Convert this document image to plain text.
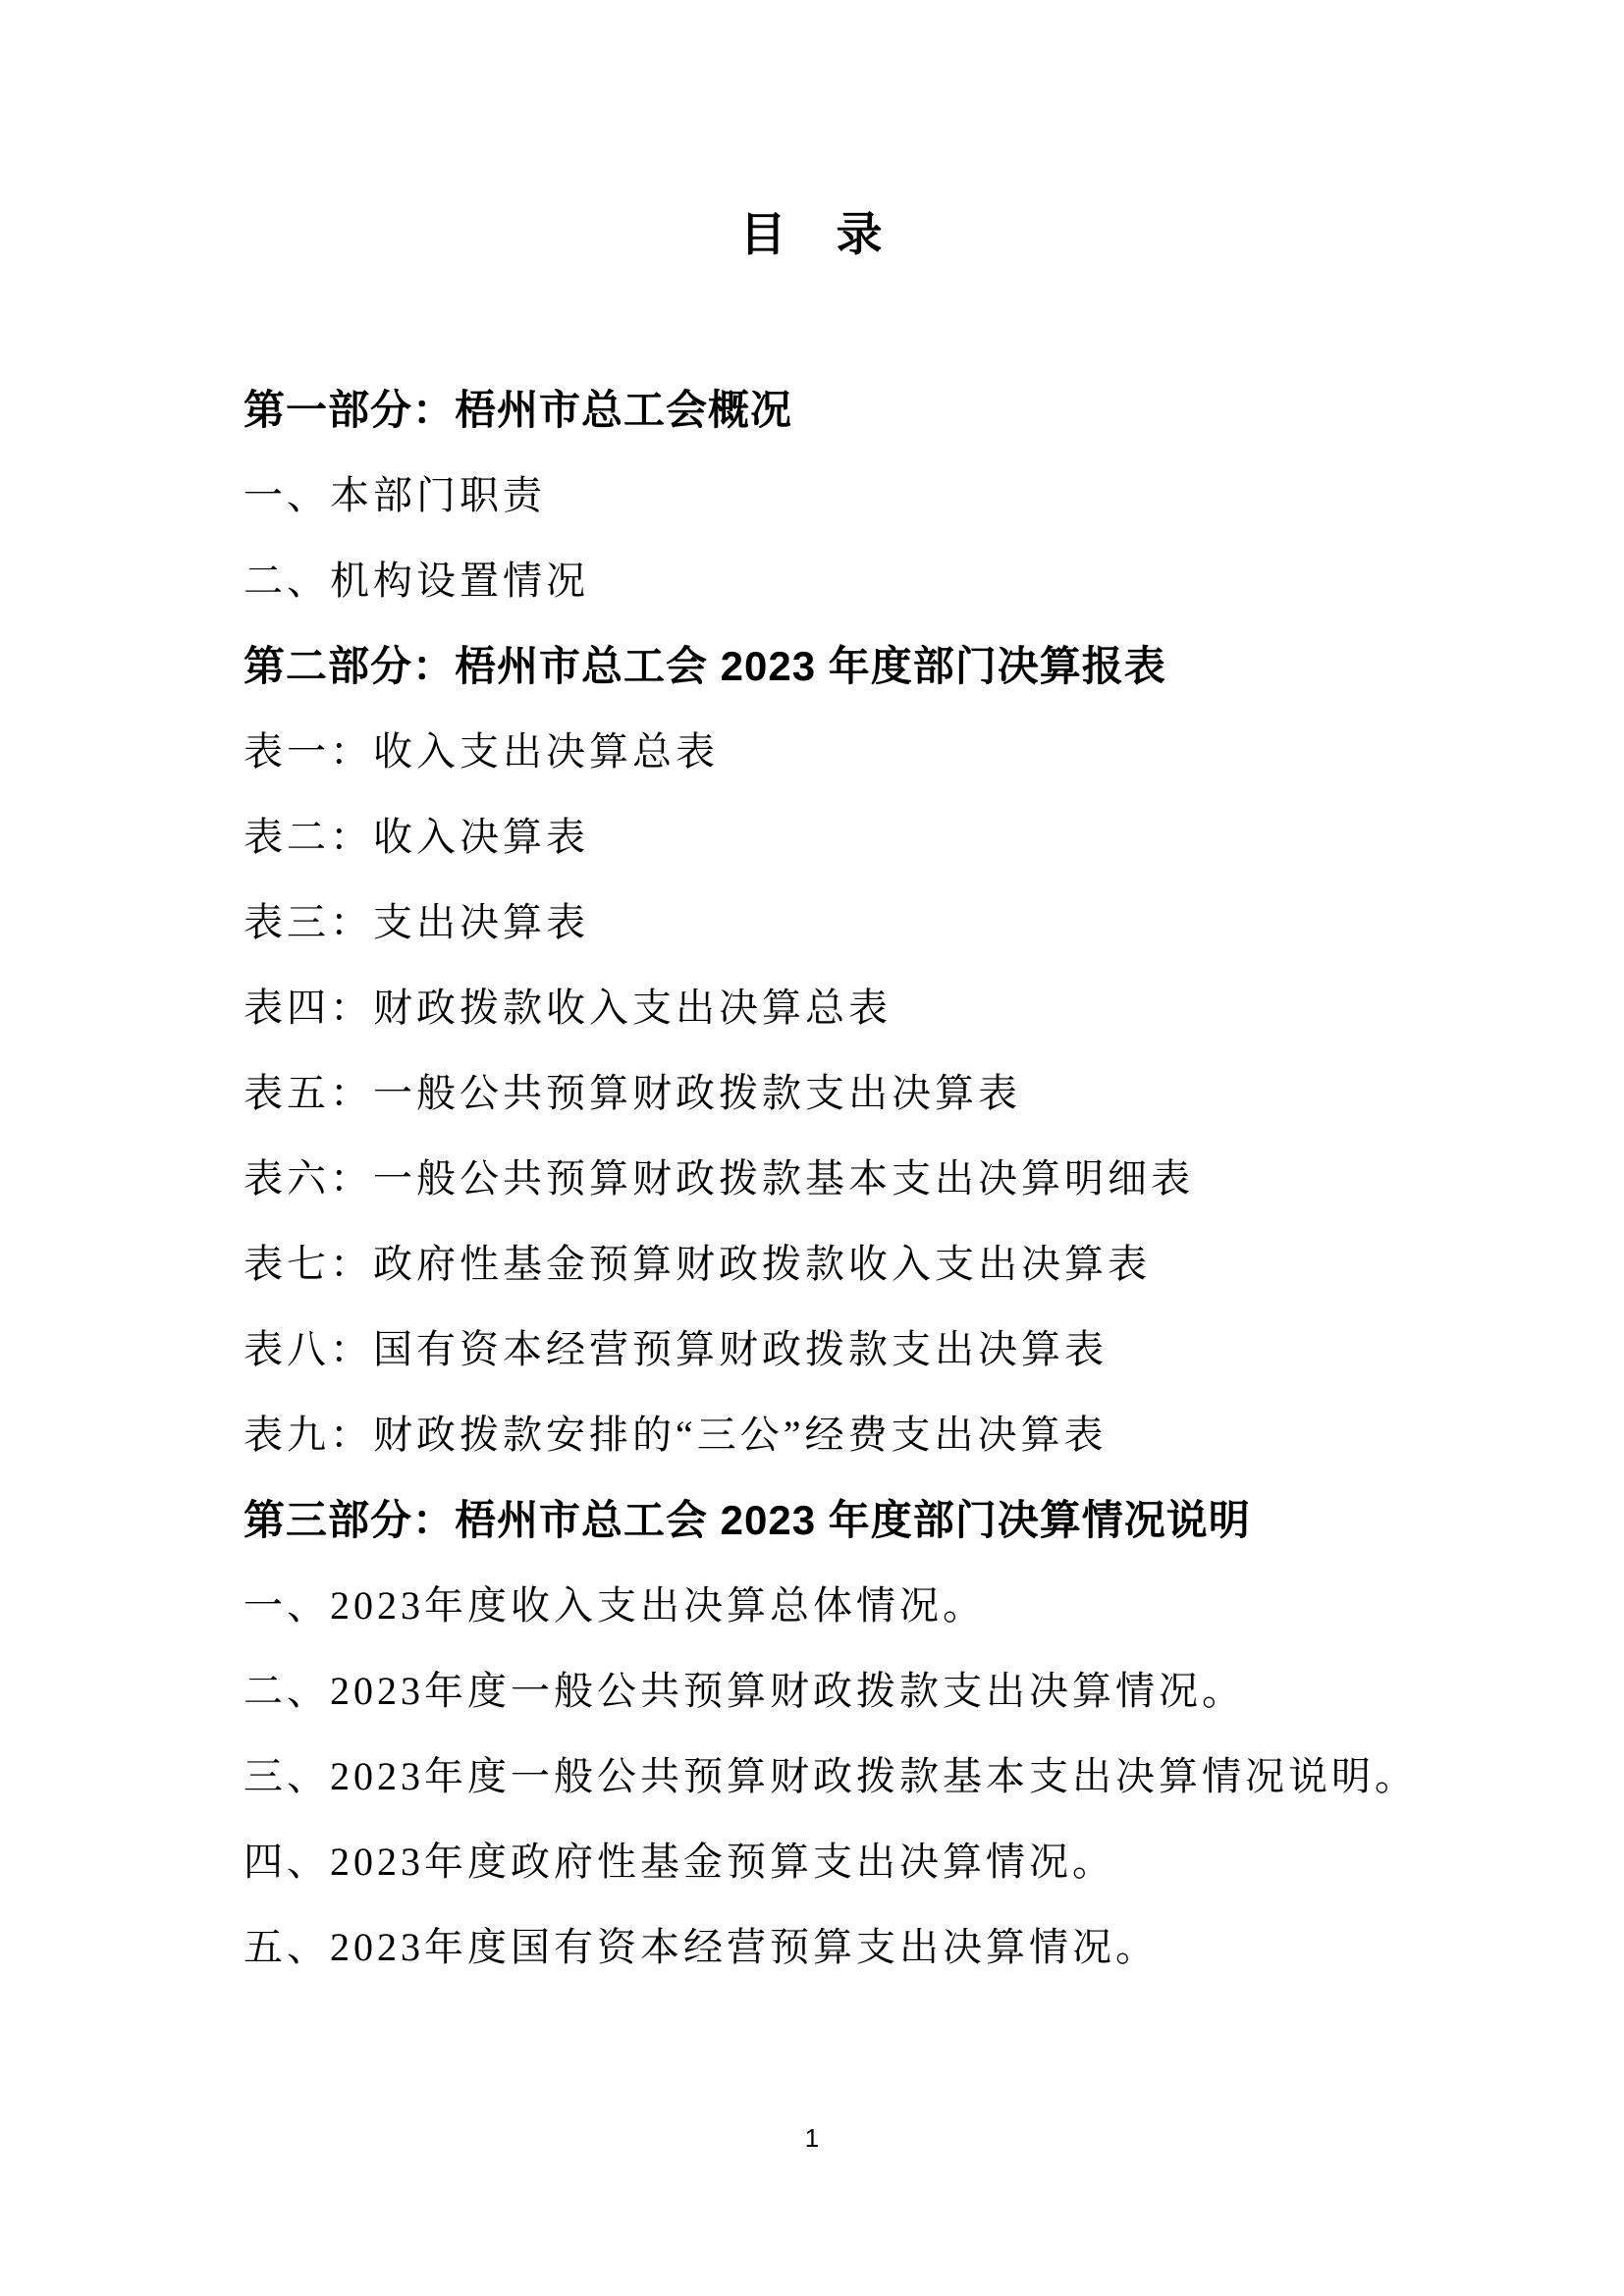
目　录
第一部分：梧州市总工会概况
一、本部门职责
二、机构设置情况
第二部分：梧州市总工会 2023 年度部门决算报表
表一：收入支出决算总表
表二：收入决算表
表三：支出决算表
表四：财政拨款收入支出决算总表
表五：一般公共预算财政拨款支出决算表
表六：一般公共预算财政拨款基本支出决算明细表
表七：政府性基金预算财政拨款收入支出决算表
表八：国有资本经营预算财政拨款支出决算表
表九：财政拨款安排的“三公”经费支出决算表
第三部分：梧州市总工会 2023 年度部门决算情况说明
一、2023年度收入支出决算总体情况。
二、2023年度一般公共预算财政拨款支出决算情况。
三、2023年度一般公共预算财政拨款基本支出决算情况说明。
四、2023年度政府性基金预算支出决算情况。
五、2023年度国有资本经营预算支出决算情况。
1
